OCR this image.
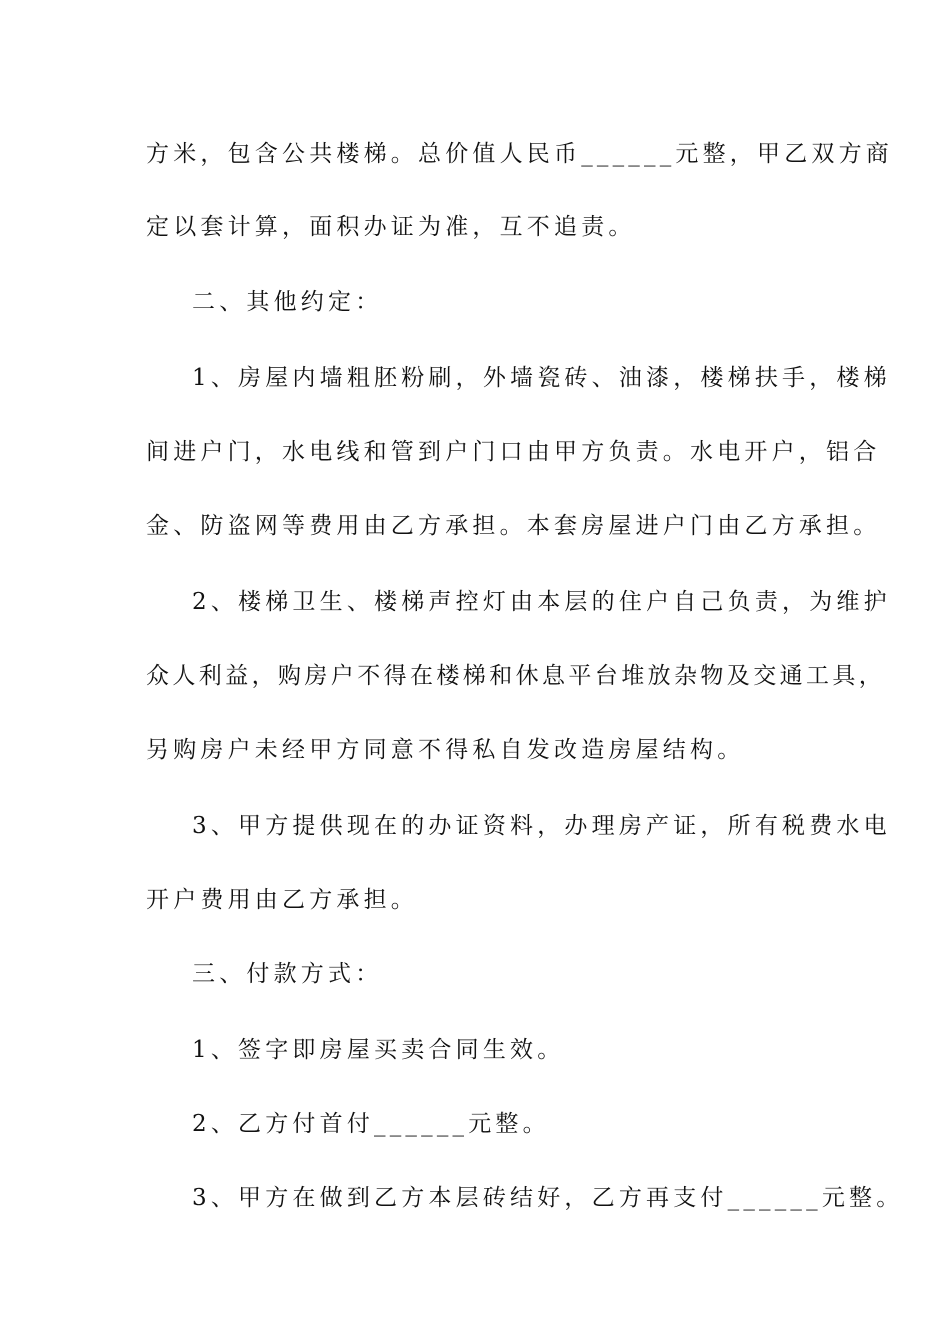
方米，包含公共楼梯。总价值人民币______元整，甲乙双方商

定以套计算，面积办证为准，互不追责。

二、其他约定：

1、房屋内墙粗胚粉刷，外墙瓷砖、油漆，楼梯扶手，楼梯

间进户门，水电线和管到户门口由甲方负责。水电开户，铝合

金、防盗网等费用由乙方承担。本套房屋进户门由乙方承担。

2、楼梯卫生、楼梯声控灯由本层的住户自己负责，为维护

众人利益，购房户不得在楼梯和休息平台堆放杂物及交通工具，

另购房户未经甲方同意不得私自发改造房屋结构。

3、甲方提供现在的办证资料，办理房产证，所有税费水电

开户费用由乙方承担。

三、付款方式：

1、签字即房屋买卖合同生效。

2、乙方付首付______元整。

3、甲方在做到乙方本层砖结好，乙方再支付______元整。
